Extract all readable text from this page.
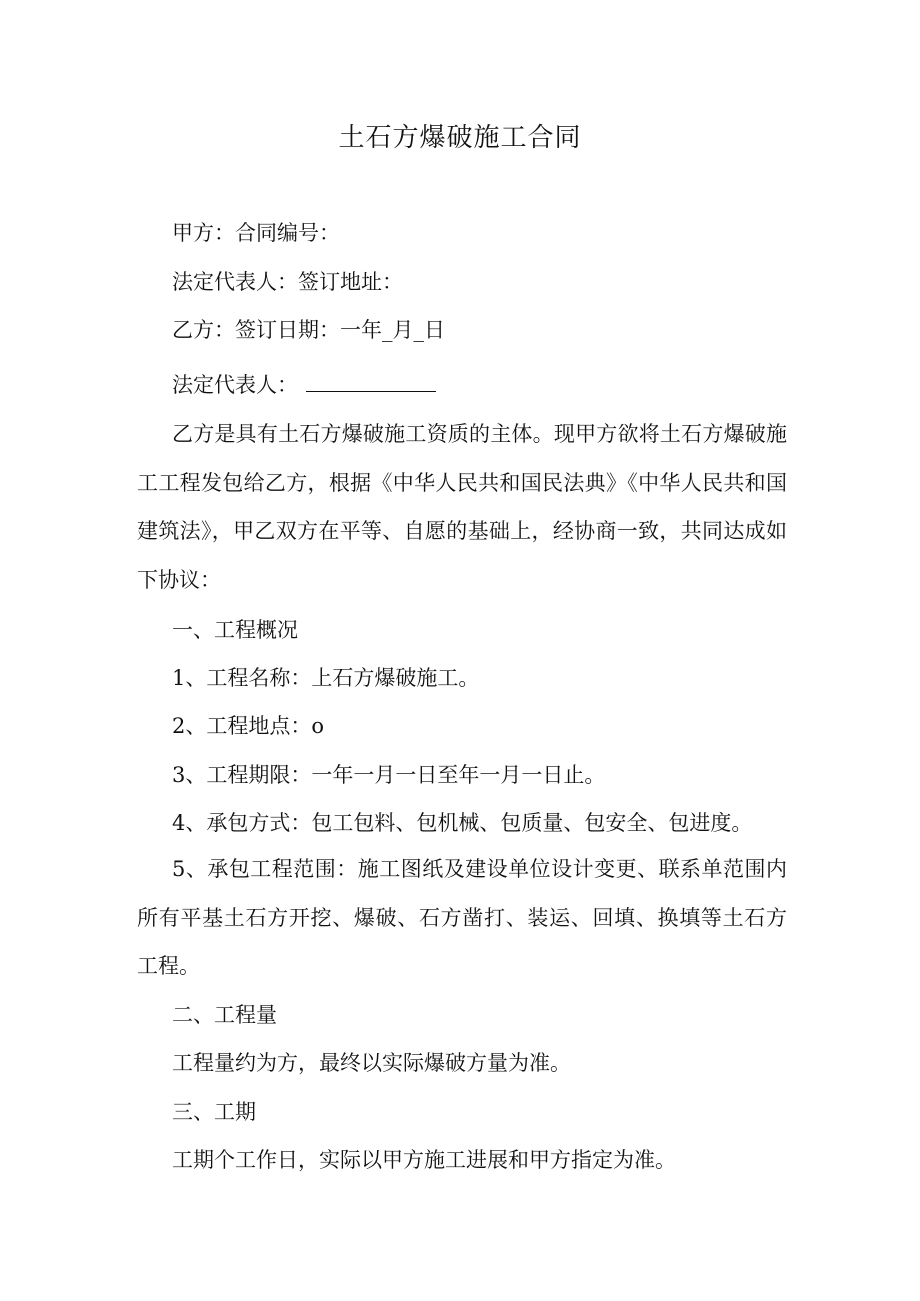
土石方爆破施工合同
甲方：合同编号：
法定代表人：签订地址：
乙方：签订日期：一年_月_日
法定代表人：
乙方是具有土石方爆破施工资质的主体。现甲方欲将土石方爆破施工工程发包给乙方，根据《中华人民共和国民法典》《中华人民共和国建筑法》，甲乙双方在平等、自愿的基础上，经协商一致，共同达成如下协议：
一、工程概况
1、工程名称：上石方爆破施工。
2、工程地点：o
3、工程期限：一年一月一日至年一月一日止。
4、承包方式：包工包料、包机械、包质量、包安全、包进度。
5、承包工程范围：施工图纸及建设单位设计变更、联系单范围内所有平基土石方开挖、爆破、石方凿打、装运、回填、换填等土石方工程。
二、工程量
工程量约为方，最终以实际爆破方量为准。
三、工期
工期个工作日，实际以甲方施工进展和甲方指定为准。
